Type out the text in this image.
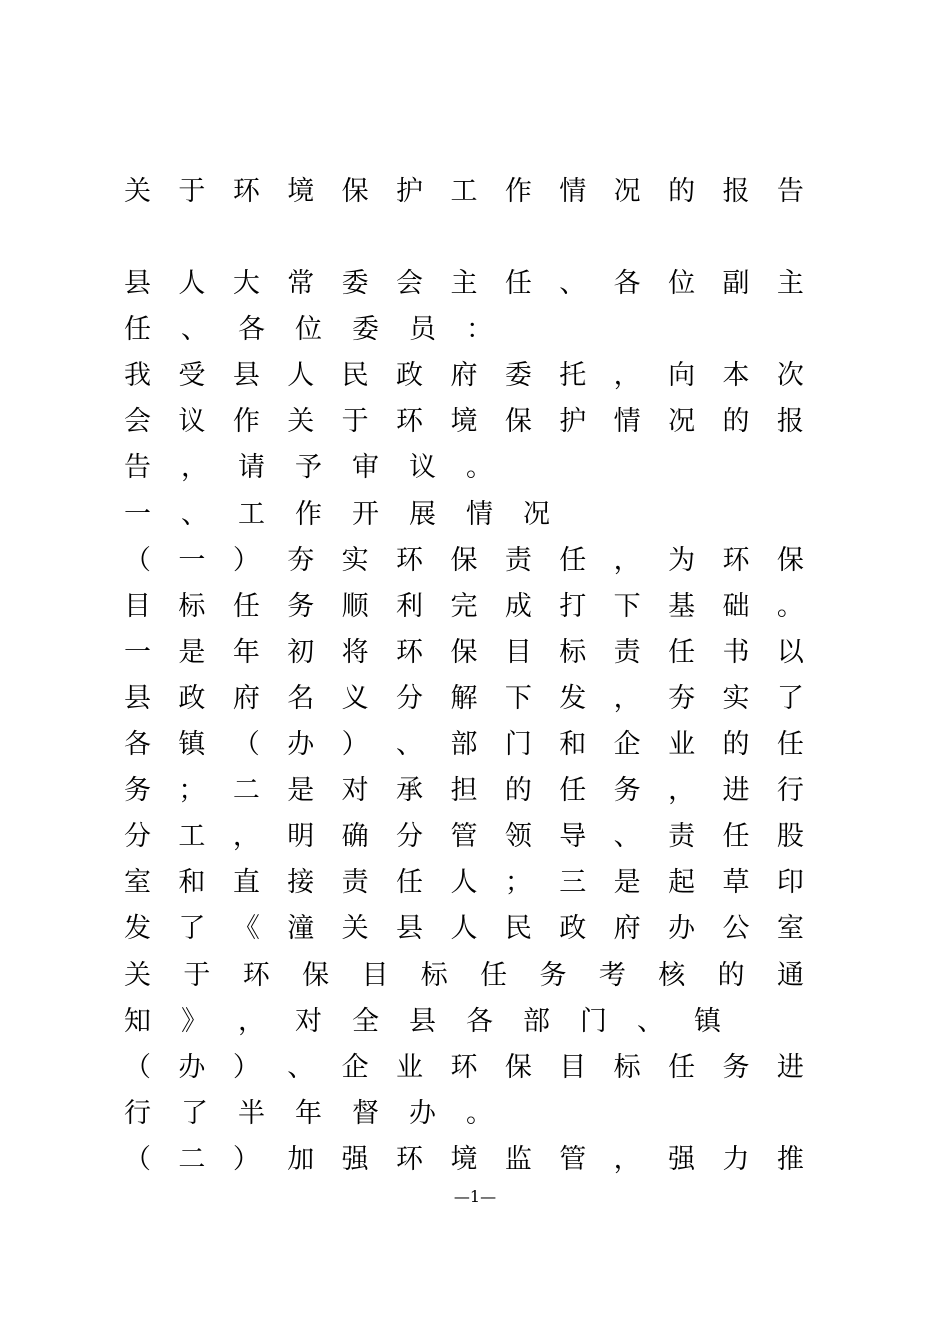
关 于 环 境 保 护 工 作 情 况 的 报 告
县 人 大 常 委 会 主 任 、 各 位 副 主
任 、 各 位 委 员 ：
我 受 县 人 民 政 府 委 托 ， 向 本 次
会 议 作 关 于 环 境 保 护 情 况 的 报
告 ， 请 予 审 议 。
一 、 工 作 开 展 情 况
（ 一 ） 夯 实 环 保 责 任 ， 为 环 保
目 标 任 务 顺 利 完 成 打 下 基 础 。
一 是 年 初 将 环 保 目 标 责 任 书 以
县 政 府 名 义 分 解 下 发 ， 夯 实 了
各 镇 （ 办 ） 、 部 门 和 企 业 的 任
务 ； 二 是 对 承 担 的 任 务 ， 进 行
分 工 ， 明 确 分 管 领 导 、 责 任 股
室 和 直 接 责 任 人 ； 三 是 起 草 印
发 了 《 潼 关 县 人 民 政 府 办 公 室
关 于 环 保 目 标 任 务 考 核 的 通
知 》 ， 对 全 县 各 部 门 、 镇
（ 办 ） 、 企 业 环 保 目 标 任 务 进
行 了 半 年 督 办 。
（ 二 ） 加 强 环 境 监 管 ， 强 力 推
—1—
